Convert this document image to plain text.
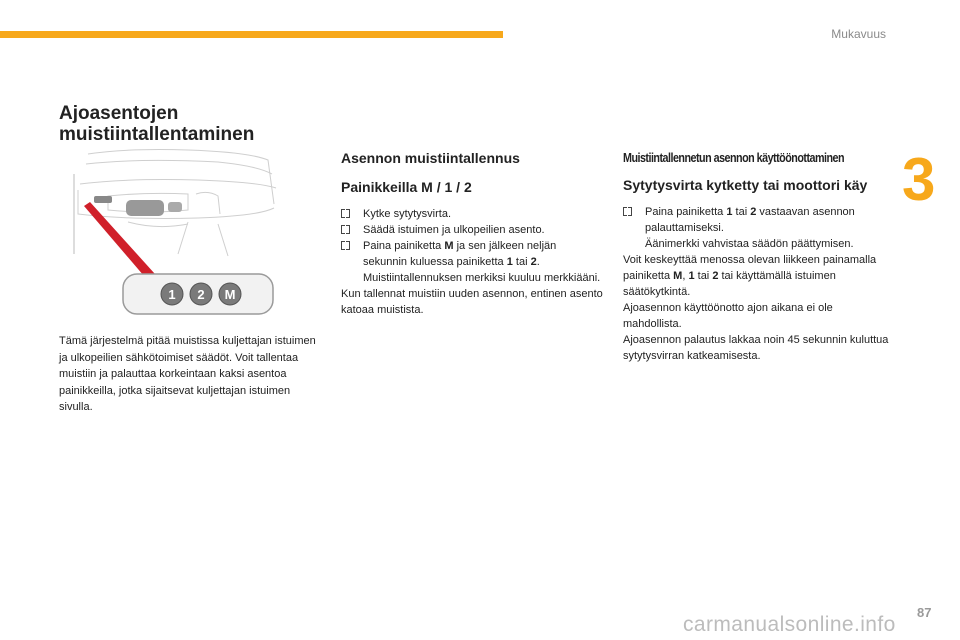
Mukavuus
3
Ajoasentojen
muistiintallentaminen
1 2 M

Tämä järjestelmä pitää muistissa kuljettajan istuimen ja ulkopeilien sähkötoimiset säädöt. Voit tallentaa muistiin ja palauttaa korkeintaan kaksi asentoa painikkeilla, jotka sijaitsevat kuljettajan istuimen sivulla.

Asennon muistiintallennus
Painikkeilla M / 1 / 2
Kytke sytytysvirta.
Säädä istuimen ja ulkopeilien asento.
Paina painiketta M ja sen jälkeen neljän sekunnin kuluessa painiketta 1 tai 2. Muistiintallennuksen merkiksi kuuluu merkkiääni.

Kun tallennat muistiin uuden asennon, entinen asento katoaa muistista.

Muistiintallennetun asennon käyttöönottaminen
Sytytysvirta kytketty tai moottori käy
Paina painiketta 1 tai 2 vastaavan asennon palauttamiseksi.
Äänimerkki vahvistaa säädön päättymisen.

Voit keskeyttää menossa olevan liikkeen painamalla painiketta M, 1 tai 2 tai käyttämällä istuimen säätökytkintä.

Ajoasennon käyttöönotto ajon aikana ei ole mahdollista.

Ajoasennon palautus lakkaa noin 45 sekunnin kuluttua sytytysvirran katkeamisesta.

87
carmanualsonline.info
